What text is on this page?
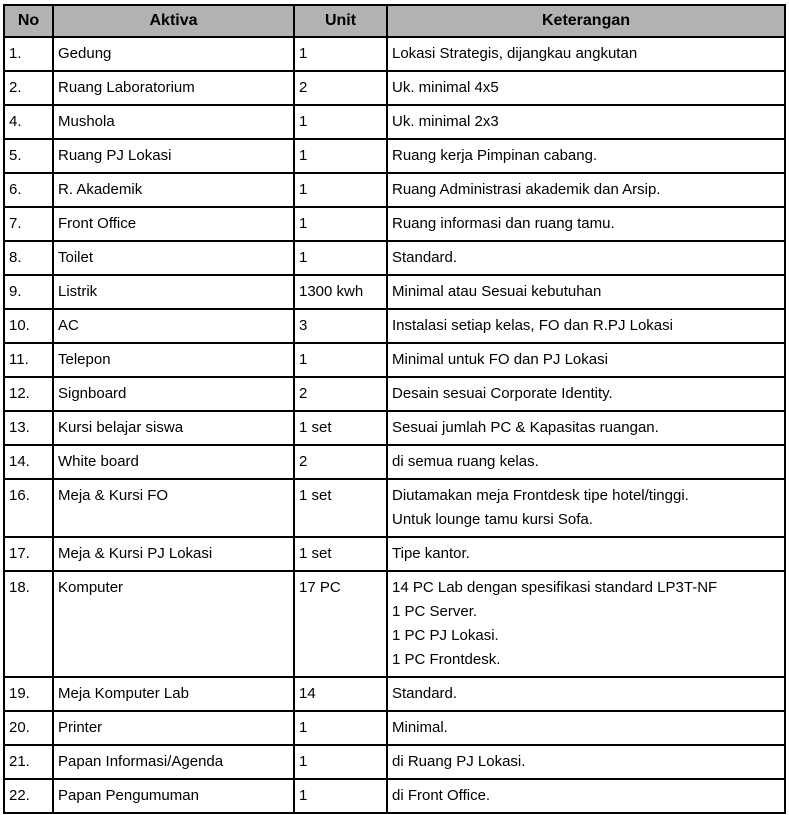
No	Aktiva	Unit	Keterangan
1.	Gedung	1	Lokasi Strategis, dijangkau angkutan

2.	Ruang Laboratorium	2	Uk. minimal 4x5

4.	Mushola	1	Uk. minimal 2x3

5.	Ruang PJ Lokasi	1	Ruang kerja Pimpinan cabang.

6.	R. Akademik	1	Ruang Administrasi akademik dan Arsip.

7.	Front Office	1	Ruang informasi dan ruang tamu.

8.	Toilet	1	Standard.

9.	Listrik	1300 kwh	Minimal atau Sesuai kebutuhan

10.	AC	3	Instalasi setiap kelas, FO dan R.PJ Lokasi

11.	Telepon	1	Minimal untuk FO dan PJ Lokasi

12.	Signboard	2	Desain sesuai Corporate Identity.

13.	Kursi belajar siswa	1 set	Sesuai jumlah PC & Kapasitas ruangan.

14.	White board	2	di semua ruang kelas.

16.	Meja & Kursi FO	1 set	Diutamakan meja Frontdesk tipe hotel/tinggi.
Untuk lounge tamu kursi Sofa.

17.	Meja & Kursi PJ Lokasi	1 set	Tipe kantor.

18.	Komputer	17 PC	14 PC Lab dengan spesifikasi standard LP3T-NF
1 PC Server.
1 PC PJ Lokasi.
1 PC Frontdesk.

19.	Meja Komputer Lab	14	Standard.

20.	Printer	1	Minimal.

21.	Papan Informasi/Agenda	1	di Ruang PJ Lokasi.

22.	Papan Pengumuman	1	di Front Office.
